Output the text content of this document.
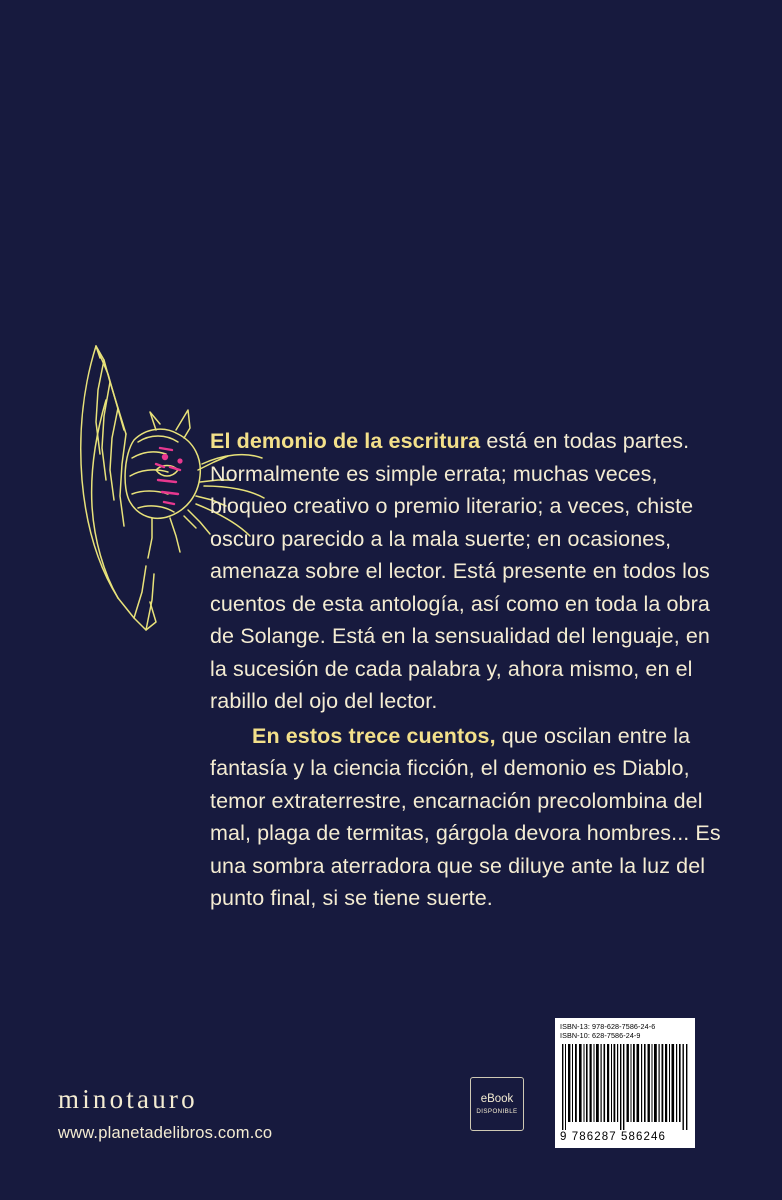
El demonio de la escritura está en todas partes. Normalmente es simple errata; muchas veces, bloqueo creativo o premio literario; a veces, chiste oscuro parecido a la mala suerte; en ocasiones, amenaza sobre el lector. Está presente en todos los cuentos de esta antología, así como en toda la obra de Solange. Está en la sensualidad del lenguaje, en la sucesión de cada palabra y, ahora mismo, en el rabillo del ojo del lector.

En estos trece cuentos, que oscilan entre la fantasía y la ciencia ficción, el demonio es Diablo, temor extraterrestre, encarnación precolombina del mal, plaga de termitas, gárgola devora hombres... Es una sombra aterradora que se diluye ante la luz del punto final, si se tiene suerte.

minotauro
www.planetadelibros.com.co
eBook
DISPONIBLE
ISBN-13: 978-628-7586-24-6
ISBN-10: 628-7586-24-9
9 786287 586246
